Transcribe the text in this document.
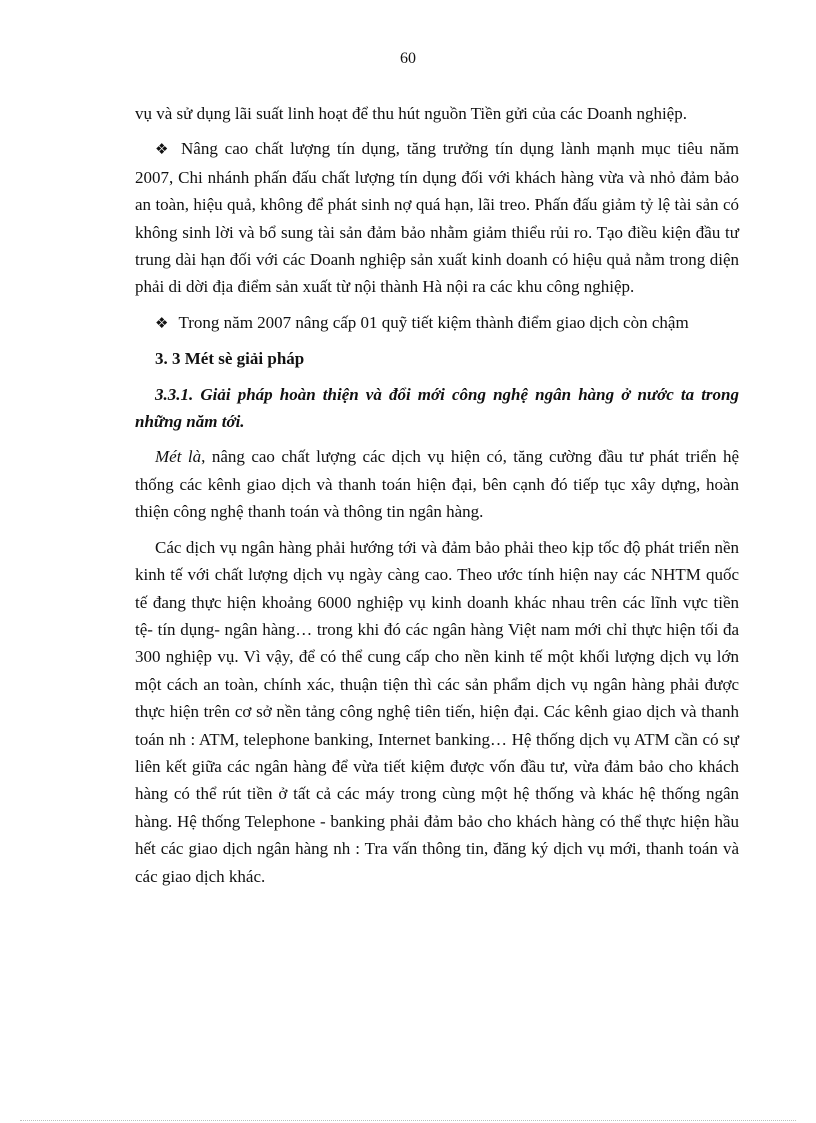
60

vụ và sử dụng lãi suất linh hoạt để thu hút nguồn Tiền gửi của các Doanh nghiệp.

❖ Nâng cao chất lượng tín dụng, tăng trưởng tín dụng lành mạnh mục tiêu năm 2007, Chi nhánh phấn đấu chất lượng tín dụng đối với khách hàng vừa và nhỏ đảm bảo an toàn, hiệu quả, không để phát sinh nợ quá hạn, lãi treo. Phấn đấu giảm tỷ lệ tài sản có không sinh lời và bổ sung tài sản đảm bảo nhằm giảm thiểu rủi ro. Tạo điều kiện đầu tư trung dài hạn đối với các Doanh nghiệp sản xuất kinh doanh có hiệu quả nằm trong diện phải di dời địa điểm sản xuất từ nội thành Hà nội ra các khu công nghiệp.

❖ Trong năm 2007 nâng cấp 01 quỹ tiết kiệm thành điểm giao dịch còn chậm

3. 3 Mét sè giải pháp

3.3.1. Giải pháp hoàn thiện và đổi mới công nghệ ngân hàng ở nước ta trong những năm tới.

Mét là, nâng cao chất lượng các dịch vụ hiện có, tăng cường đầu tư phát triển hệ thống các kênh giao dịch và thanh toán hiện đại, bên cạnh đó tiếp tục xây dựng, hoàn thiện công nghệ thanh toán và thông tin ngân hàng.

Các dịch vụ ngân hàng phải hướng tới và đảm bảo phải theo kịp tốc độ phát triển nền kinh tế với chất lượng dịch vụ ngày càng cao. Theo ước tính hiện nay các NHTM quốc tế đang thực hiện khoảng 6000 nghiệp vụ kinh doanh khác nhau trên các lĩnh vực tiền tệ- tín dụng- ngân hàng… trong khi đó các ngân hàng Việt nam mới chỉ thực hiện tối đa 300 nghiệp vụ. Vì vậy, để có thể cung cấp cho nền kinh tế một khối lượng dịch vụ lớn một cách an toàn, chính xác, thuận tiện thì các sản phẩm dịch vụ ngân hàng phải được thực hiện trên cơ sở nền tảng công nghệ tiên tiến, hiện đại. Các kênh giao dịch và thanh toán nh : ATM, telephone banking, Internet banking… Hệ thống dịch vụ ATM cần có sự liên kết giữa các ngân hàng để vừa tiết kiệm được vốn đầu tư, vừa đảm bảo cho khách hàng có thể rút tiền ở tất cả các máy trong cùng một hệ thống và khác hệ thống ngân hàng. Hệ thống Telephone - banking phải đảm bảo cho khách hàng có thể thực hiện hầu hết các giao dịch ngân hàng nh : Tra vấn thông tin, đăng ký dịch vụ mới, thanh toán và các giao dịch khác.
